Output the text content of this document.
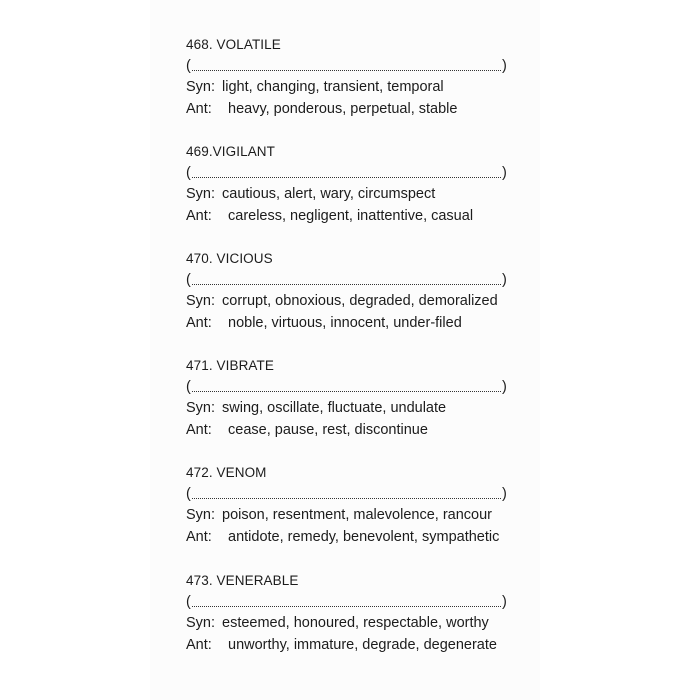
468. VOLATILE
(	)
Syn: light, changing, transient, temporal
Ant: heavy, ponderous, perpetual, stable
469.VIGILANT
(	)
Syn: cautious, alert, wary, circumspect
Ant: careless, negligent, inattentive, casual
470. VICIOUS
(	)
Syn: corrupt, obnoxious, degraded, demoralized
Ant: noble, virtuous, innocent, under-filed
471. VIBRATE
(	)
Syn: swing, oscillate, fluctuate, undulate
Ant: cease, pause, rest, discontinue
472. VENOM
(	)
Syn: poison, resentment, malevolence, rancour
Ant: antidote, remedy, benevolent, sympathetic
473. VENERABLE
(	)
Syn: esteemed, honoured, respectable, worthy
Ant: unworthy, immature, degrade, degenerate
